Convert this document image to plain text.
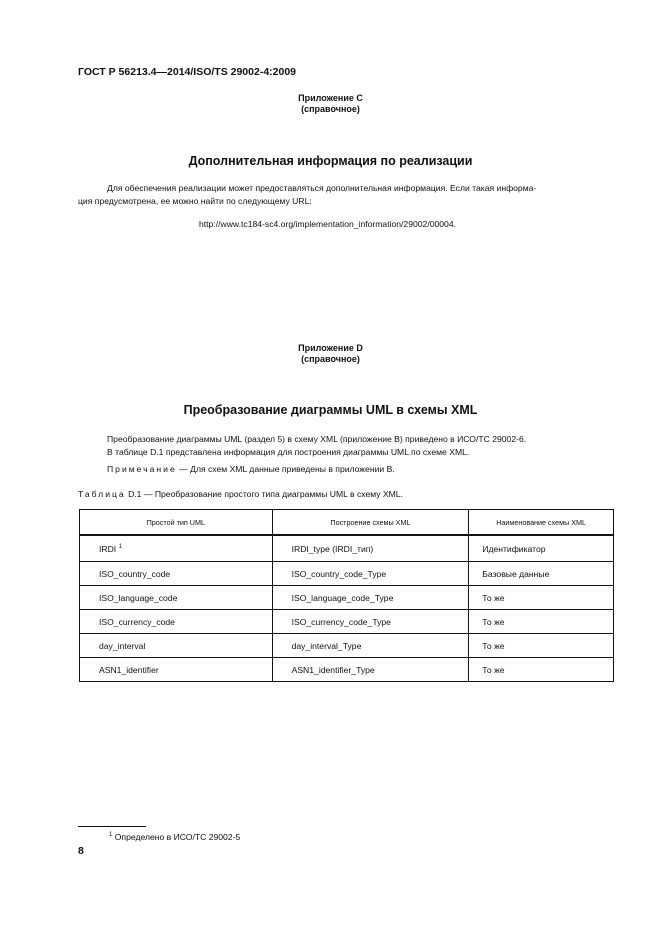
ГОСТ Р 56213.4—2014/ISO/TS 29002-4:2009
Приложение C
(справочное)
Дополнительная информация по реализации
Для обеспечения реализации может предоставляться дополнительная информация. Если такая информа-
ция предусмотрена, ее можно найти по следующему URL:
http://www.tc184-sc4.org/implementation_information/29002/00004.
Приложение D
(справочное)
Преобразование диаграммы UML в схемы XML
Преобразование диаграммы UML (раздел 5) в схему XML (приложение B) приведено в ИСО/ТС 29002-6.
В таблице D.1 представлена информация для построения диаграммы UML по схеме XML.
Примечание — Для схем XML данные приведены в приложении B.
Таблица D.1 — Преобразование простого типа диаграммы UML в схему XML.
Простой тип UML	Построение схемы XML	Наименование схемы XML
IRDI $^1$	IRDI_type (IRDI_тип)	Идентификатор
ISO_country_code	ISO_country_code_Type	Базовые данные
ISO_language_code	ISO_language_code_Type	То же
ISO_currency_code	ISO_currency_code_Type	То же
day_interval	day_interval_Type	То же
ASN1_identifier	ASN1_identifier_Type	То же
$^1$ Определено в ИСО/ТС 29002-5
8
